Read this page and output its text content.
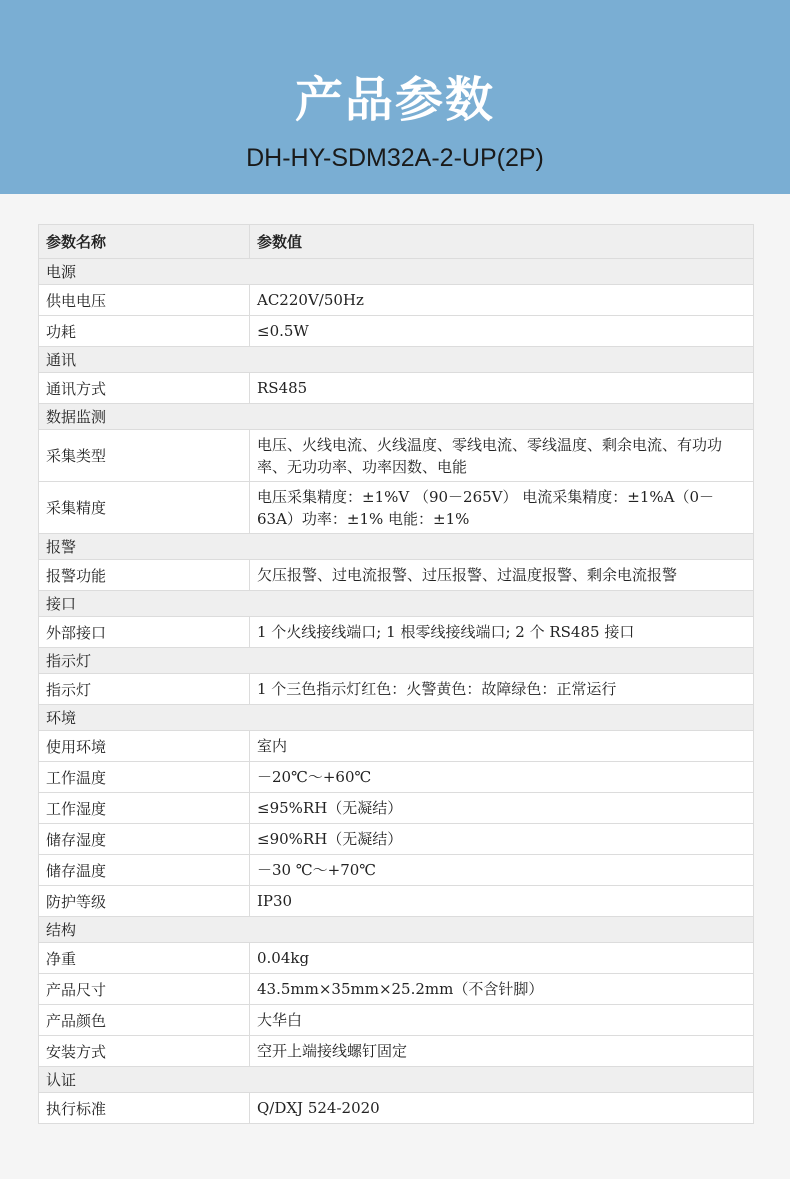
产品参数
DH-HY-SDM32A-2-UP(2P)
参数名称	参数值
电源	
供电电压	AC220V/50Hz
功耗	≤0.5W
通讯	
通讯方式	RS485
数据监测	
采集类型	电压、火线电流、火线温度、零线电流、零线温度、剩余电流、有功功率、无功功率、功率因数、电能
采集精度	电压采集精度：±1%V （90－265V） 电流采集精度：±1%A（0－63A）功率：±1% 电能：±1%
报警	
报警功能	欠压报警、过电流报警、过压报警、过温度报警、剩余电流报警
接口	
外部接口	1 个火线接线端口; 1 根零线接线端口; 2 个 RS485 接口
指示灯	
指示灯	1 个三色指示灯红色：火警黄色：故障绿色：正常运行
环境	
使用环境	室内
工作温度	－20℃～+60℃
工作湿度	≤95%RH（无凝结）
储存湿度	≤90%RH（无凝结）
储存温度	－30 ℃～+70℃
防护等级	IP30
结构	
净重	0.04kg
产品尺寸	43.5mm×35mm×25.2mm（不含针脚）
产品颜色	大华白
安装方式	空开上端接线螺钉固定
认证	
执行标准	Q/DXJ 524-2020
